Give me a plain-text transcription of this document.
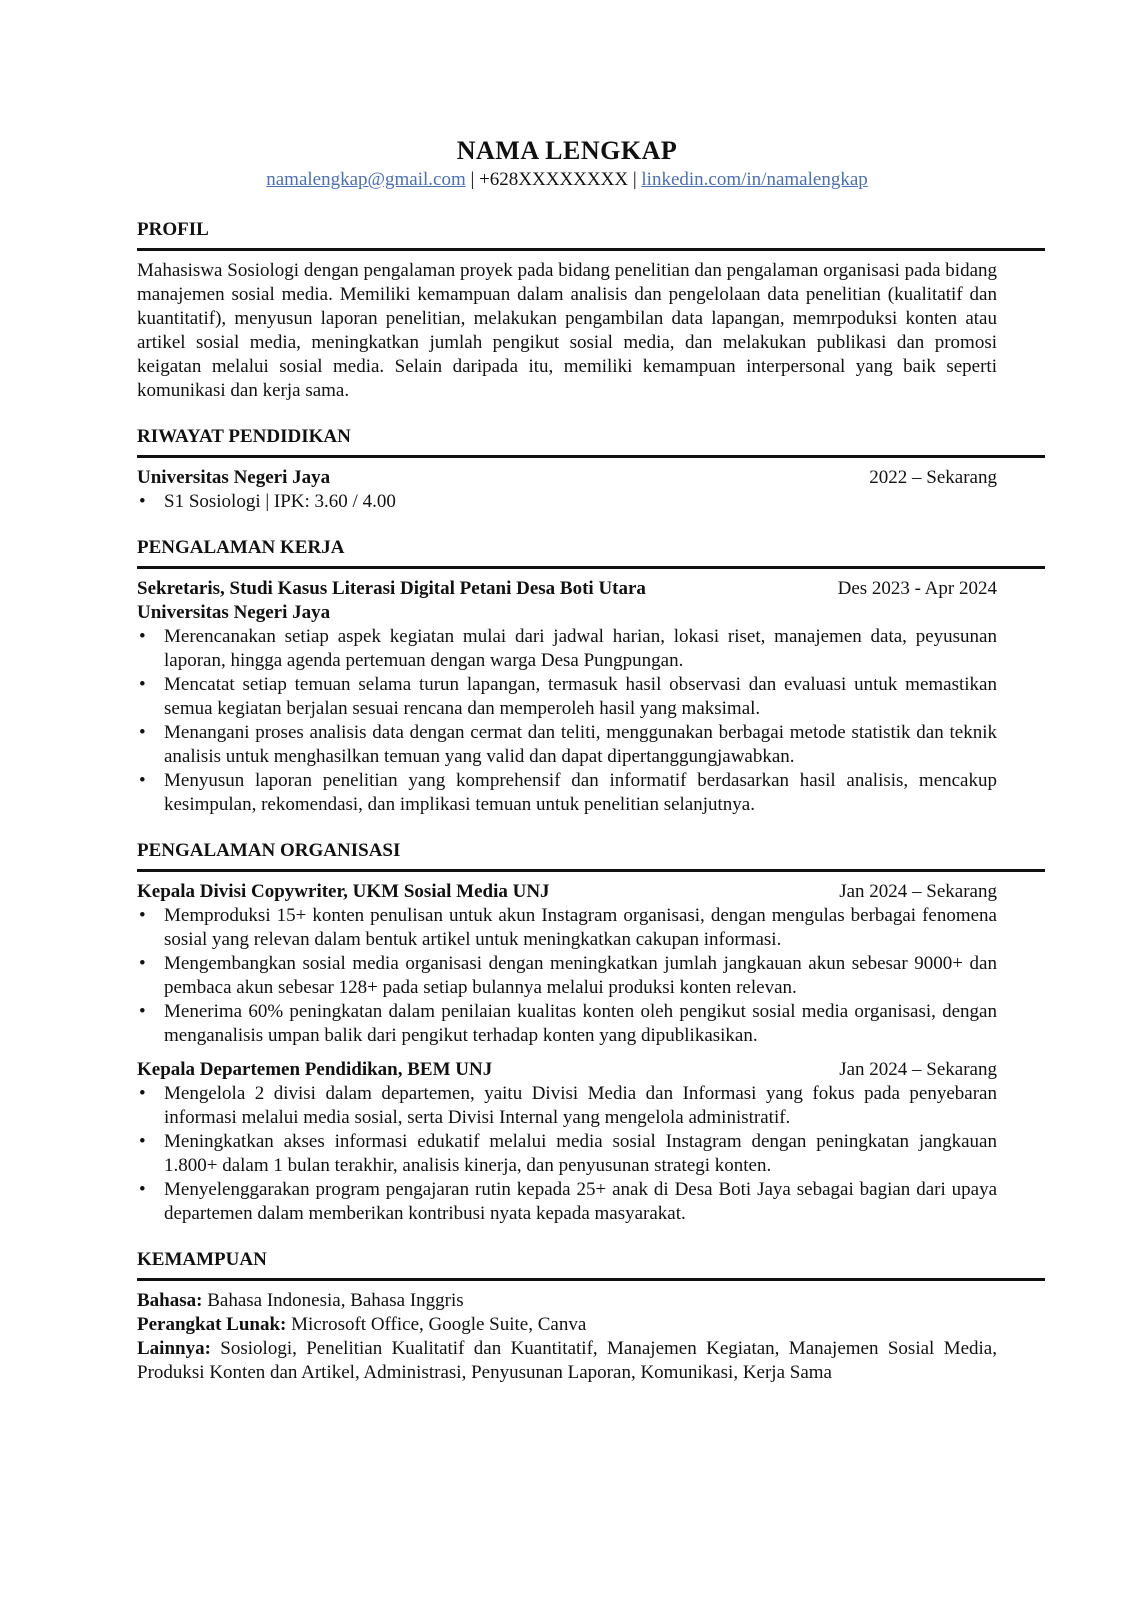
NAMA LENGKAP
namalengkap@gmail.com | +628XXXXXXXX | linkedin.com/in/namalengkap
PROFIL
Mahasiswa Sosiologi dengan pengalaman proyek pada bidang penelitian dan pengalaman organisasi pada bidang manajemen sosial media. Memiliki kemampuan dalam analisis dan pengelolaan data penelitian (kualitatif dan kuantitatif), menyusun laporan penelitian, melakukan pengambilan data lapangan, memrpoduksi konten atau artikel sosial media, meningkatkan jumlah pengikut sosial media, dan melakukan publikasi dan promosi keigatan melalui sosial media. Selain daripada itu, memiliki kemampuan interpersonal yang baik seperti komunikasi dan kerja sama.
RIWAYAT PENDIDIKAN
Universitas Negeri Jaya	2022 – Sekarang
• S1 Sosiologi | IPK: 3.60 / 4.00
PENGALAMAN KERJA
Sekretaris, Studi Kasus Literasi Digital Petani Desa Boti Utara	Des 2023 - Apr 2024
Universitas Negeri Jaya
• Merencanakan setiap aspek kegiatan mulai dari jadwal harian, lokasi riset, manajemen data, peyusunan laporan, hingga agenda pertemuan dengan warga Desa Pungpungan.
• Mencatat setiap temuan selama turun lapangan, termasuk hasil observasi dan evaluasi untuk memastikan semua kegiatan berjalan sesuai rencana dan memperoleh hasil yang maksimal.
• Menangani proses analisis data dengan cermat dan teliti, menggunakan berbagai metode statistik dan teknik analisis untuk menghasilkan temuan yang valid dan dapat dipertanggungjawabkan.
• Menyusun laporan penelitian yang komprehensif dan informatif berdasarkan hasil analisis, mencakup kesimpulan, rekomendasi, dan implikasi temuan untuk penelitian selanjutnya.
PENGALAMAN ORGANISASI
Kepala Divisi Copywriter, UKM Sosial Media UNJ	Jan 2024 – Sekarang
• Memproduksi 15+ konten penulisan untuk akun Instagram organisasi, dengan mengulas berbagai fenomena sosial yang relevan dalam bentuk artikel untuk meningkatkan cakupan informasi.
• Mengembangkan sosial media organisasi dengan meningkatkan jumlah jangkauan akun sebesar 9000+ dan pembaca akun sebesar 128+ pada setiap bulannya melalui produksi konten relevan.
• Menerima 60% peningkatan dalam penilaian kualitas konten oleh pengikut sosial media organisasi, dengan menganalisis umpan balik dari pengikut terhadap konten yang dipublikasikan.
Kepala Departemen Pendidikan, BEM UNJ	Jan 2024 – Sekarang
• Mengelola 2 divisi dalam departemen, yaitu Divisi Media dan Informasi yang fokus pada penyebaran informasi melalui media sosial, serta Divisi Internal yang mengelola administratif.
• Meningkatkan akses informasi edukatif melalui media sosial Instagram dengan peningkatan jangkauan 1.800+ dalam 1 bulan terakhir, analisis kinerja, dan penyusunan strategi konten.
• Menyelenggarakan program pengajaran rutin kepada 25+ anak di Desa Boti Jaya sebagai bagian dari upaya departemen dalam memberikan kontribusi nyata kepada masyarakat.
KEMAMPUAN
Bahasa: Bahasa Indonesia, Bahasa Inggris
Perangkat Lunak: Microsoft Office, Google Suite, Canva
Lainnya: Sosiologi, Penelitian Kualitatif dan Kuantitatif, Manajemen Kegiatan, Manajemen Sosial Media, Produksi Konten dan Artikel, Administrasi, Penyusunan Laporan, Komunikasi, Kerja Sama
